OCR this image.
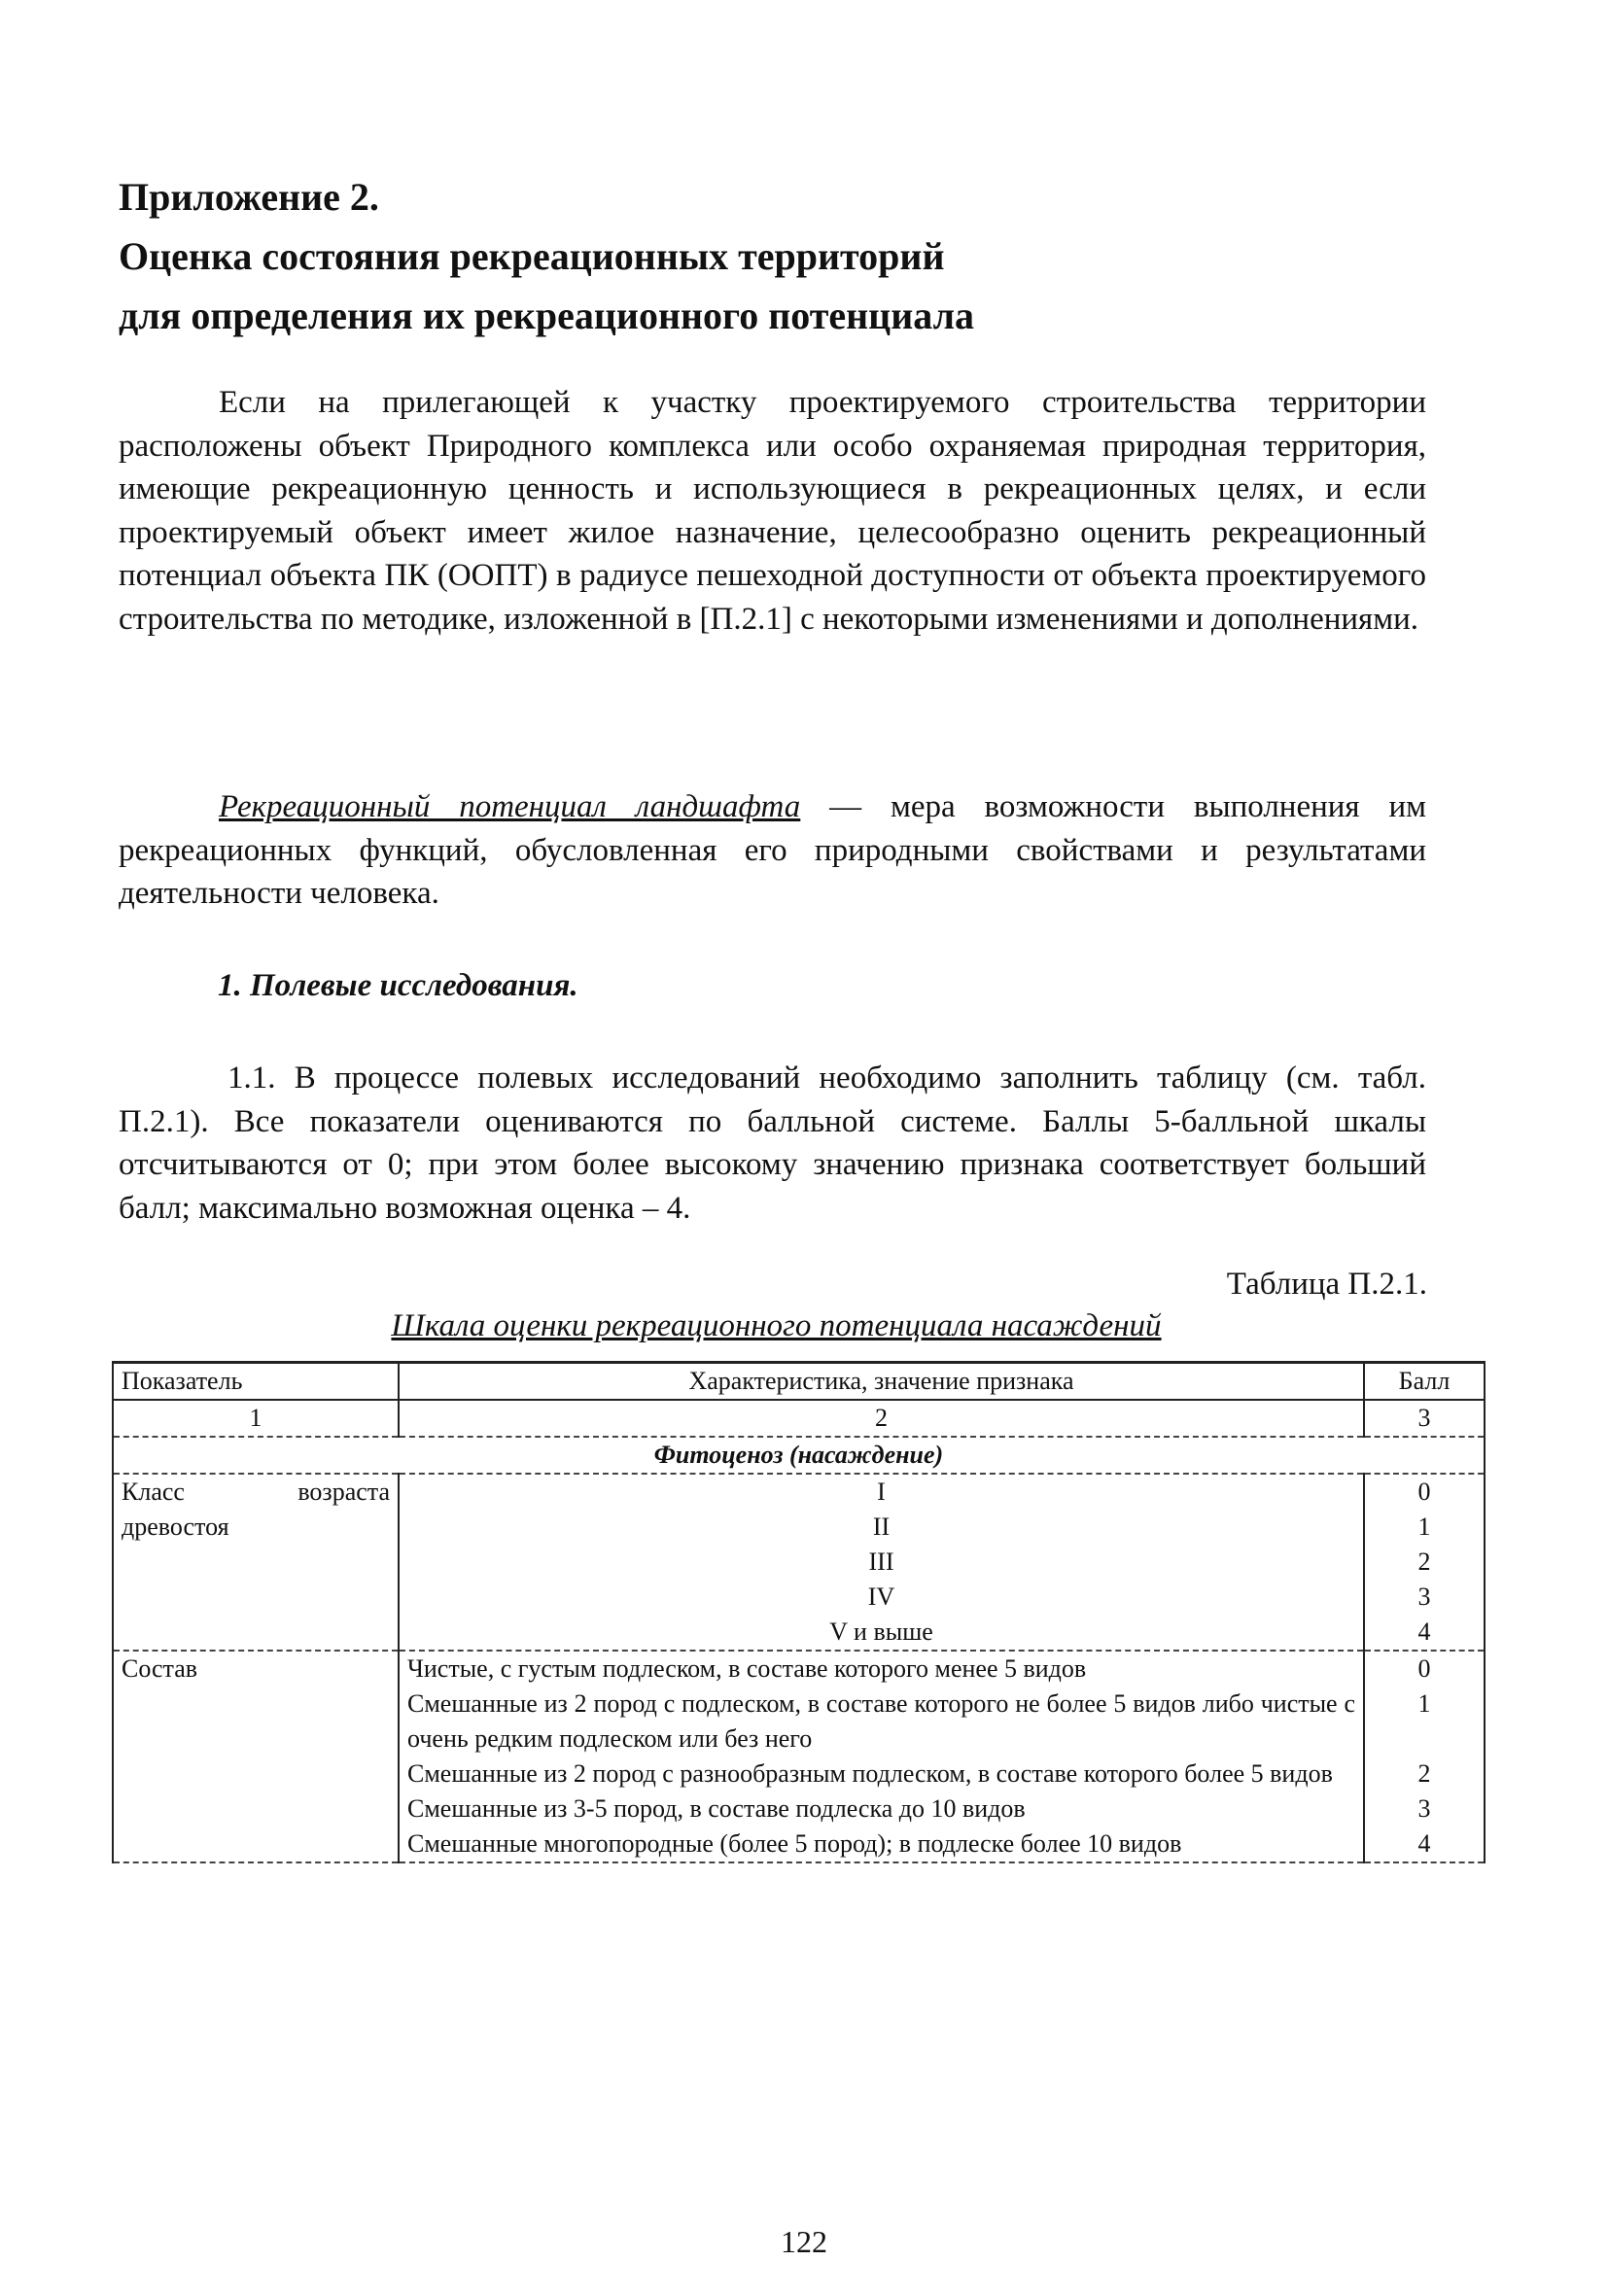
Приложение 2.
Оценка состояния рекреационных территорий
для определения их рекреационного потенциала

Если на прилегающей к участку проектируемого строительства территории расположены объект Природного комплекса или особо охраняемая природная территория, имеющие рекреационную ценность и использующиеся в рекреационных целях, и если проектируемый объект имеет жилое назначение, целесообразно оценить рекреационный потенциал объекта ПК (ООПТ) в радиусе пешеходной доступности от объекта проектируемого строительства по методике, изложенной в [П.2.1] с некоторыми изменениями и дополнениями.

Рекреационный потенциал ландшафта — мера возможности выполнения им рекреационных функций, обусловленная его природными свойствами и результатами деятельности человека.

1. Полевые исследования.

1.1. В процессе полевых исследований необходимо заполнить таблицу (см. табл. П.2.1). Все показатели оцениваются по балльной системе. Баллы 5-балльной шкалы отсчитываются от 0; при этом более высокому значению признака соответствует больший балл; максимально возможная оценка – 4.

Таблица П.2.1.
Шкала оценки рекреационного потенциала насаждений
Показатель	Характеристика, значение признака	Балл
1	2	3
Фитоценоз (насаждение)		
Класс возраста древостоя	I	0
	II	1
	III	2
	IV	3
	V и выше	4
Состав	Чистые, с густым подлеском, в составе которого менее 5 видов	0
	Смешанные из 2 пород с подлеском, в составе которого не более 5 видов либо чистые с очень редким подлеском или без него	1
	Смешанные из 2 пород с разнообразным подлеском, в составе которого более 5 видов	2
	Смешанные из 3-5 пород, в составе подлеска до 10 видов	3
	Смешанные многопородные (более 5 пород); в подлеске более 10 видов	4
122
